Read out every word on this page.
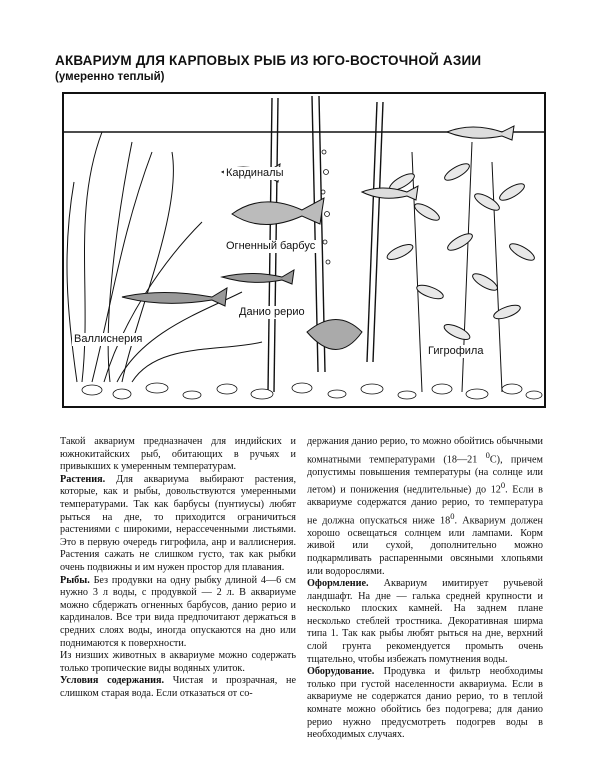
АКВАРИУМ ДЛЯ КАРПОВЫХ РЫБ ИЗ ЮГО-ВОСТОЧНОЙ АЗИИ
(умеренно теплый)
Кардиналы
Огненный барбус
Данио рерио
Валлиснерия
Гигрофила

Такой аквариум предназначен для индийских и южнокитайских рыб, обитающих в ручьях и привыкших к умеренным температурам.

Растения. Для аквариума выбирают растения, которые, как и рыбы, довольствуются умеренными температурами. Так как барбусы (пунтиусы) любят рыться на дне, то приходится ограничиться растениями с широкими, нерассеченными листьями. Это в первую очередь гигрофила, анр и валлиснерия. Растения сажать не слишком густо, так как рыбки очень подвижны и им нужен простор для плавания.

Рыбы. Без продувки на одну рыбку длиной 4—6 см нужно 3 л воды, с продувкой — 2 л. В аквариуме можно сбдержать огненных барбусов, данио рерио и кардиналов. Все три вида предпочитают держаться в средних слоях воды, иногда опускаются на дно или поднимаются к поверхности.

Из низших животных в аквариуме можно содержать только тропические виды водяных улиток.

Условия содержания. Чистая и прозрачная, не слишком старая вода. Если отказаться от со-

держания данио рерио, то можно обойтись обычными комнатными температурами (18—21 $^0$С), причем допустимы повышения температуры (на солнце или летом) и понижения (недлительные) до $12^0$. Если в аквариуме содержатся данио рерио, то температура не должна опускаться ниже $18^0$. Аквариум должен хорошо освещаться солнцем или лампами. Корм живой или сухой, дополнительно можно подкармливать распаренными овсяными хлопьями или водорослями.

Оформление. Аквариум имитирует ручьевой ландшафт. На дне — галька средней крупности и несколько плоских камней. На заднем плане несколько стеблей тростника. Декоративная ширма типа 1. Так как рыбы любят рыться на дне, верхний слой грунта рекомендуется промыть очень тщательно, чтобы избежать помутнения воды.

Оборудование. Продувка и фильтр необходимы только при густой населенности аквариума. Если в аквариуме не содержатся данио рерио, то в теплой комнате можно обойтись без подогрева; для данио рерио нужно предусмотреть подогрев воды в необходимых случаях.
